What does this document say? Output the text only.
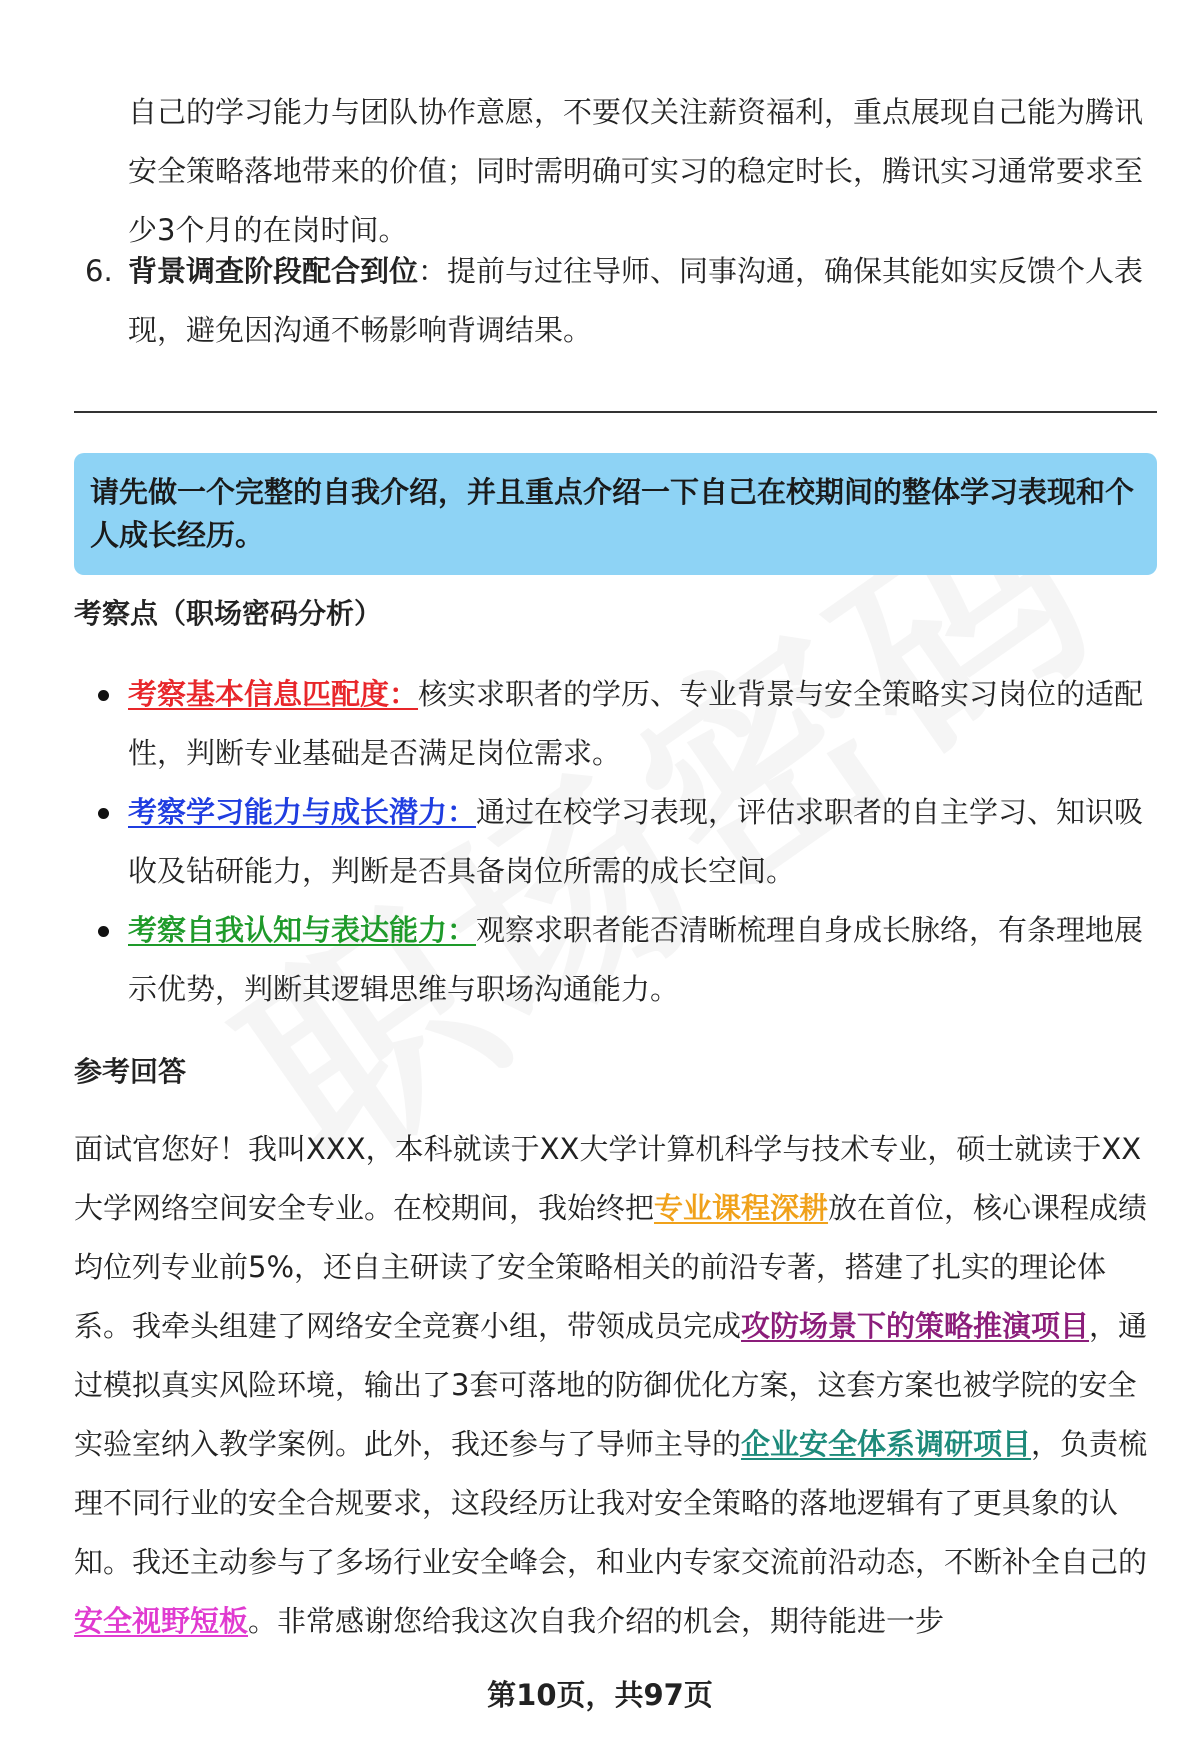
自己的学习能力与团队协作意愿，不要仅关注薪资福利，重点展现自己能为腾讯安全策略落地带来的价值；同时需明确可实习的稳定时长，腾讯实习通常要求至少3个月的在岗时间。
6. 背景调查阶段配合到位：提前与过往导师、同事沟通，确保其能如实反馈个人表现，避免因沟通不畅影响背调结果。
请先做一个完整的自我介绍，并且重点介绍一下自己在校期间的整体学习表现和个人成长经历。
考察点（职场密码分析）
考察基本信息匹配度：核实求职者的学历、专业背景与安全策略实习岗位的适配性，判断专业基础是否满足岗位需求。
考察学习能力与成长潜力：通过在校学习表现，评估求职者的自主学习、知识吸收及钻研能力，判断是否具备岗位所需的成长空间。
考察自我认知与表达能力：观察求职者能否清晰梳理自身成长脉络，有条理地展示优势，判断其逻辑思维与职场沟通能力。
参考回答
面试官您好！我叫XXX，本科就读于XX大学计算机科学与技术专业，硕士就读于XX大学网络空间安全专业。在校期间，我始终把专业课程深耕放在首位，核心课程成绩均位列专业前5%，还自主研读了安全策略相关的前沿专著，搭建了扎实的理论体系。我牵头组建了网络安全竞赛小组，带领成员完成攻防场景下的策略推演项目，通过模拟真实风险环境，输出了3套可落地的防御优化方案，这套方案也被学院的安全实验室纳入教学案例。此外，我还参与了导师主导的企业安全体系调研项目，负责梳理不同行业的安全合规要求，这段经历让我对安全策略的落地逻辑有了更具象的认知。我还主动参与了多场行业安全峰会，和业内专家交流前沿动态，不断补全自己的安全视野短板。非常感谢您给我这次自我介绍的机会，期待能进一步
第10页，共97页
